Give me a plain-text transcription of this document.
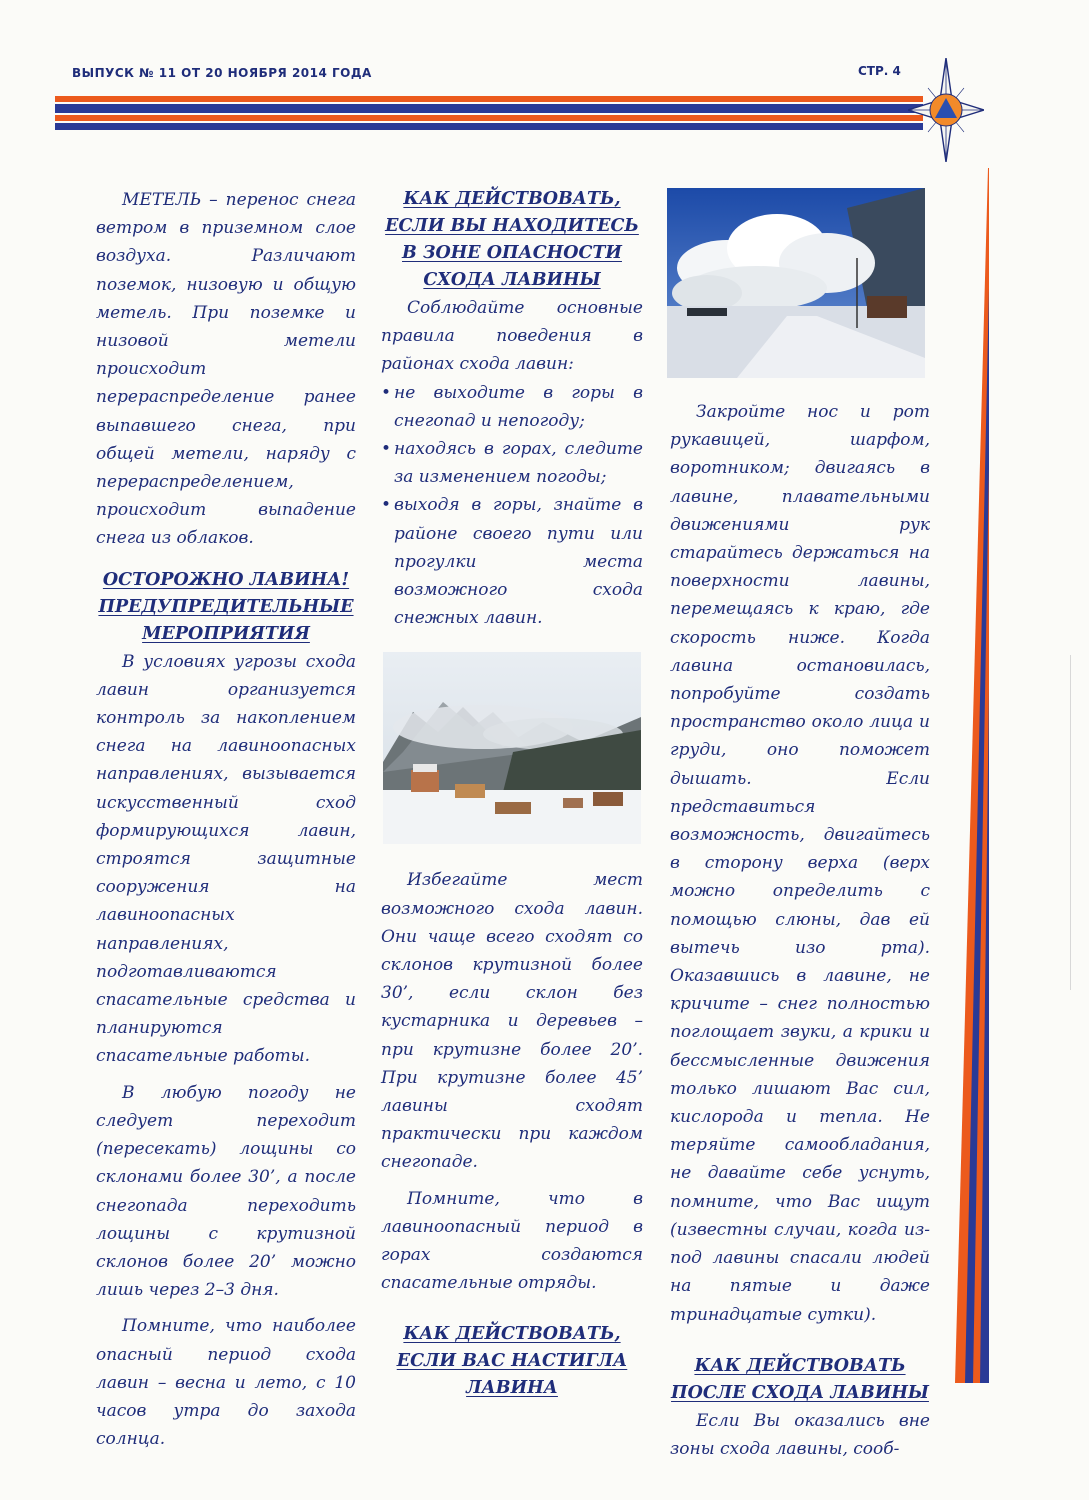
ВЫПУСК № 11 ОТ 20 НОЯБРЯ 2014 ГОДА	СТР. 4

МЕТЕЛЬ – перенос снега ветром в приземном слое воздуха. Различают поземок, низовую и общую метель. При поземке и низовой метели происходит перераспределение ранее выпавшего снега, при общей метели, наряду с перераспределением, происходит выпадение снега из облаков.

ОСТОРОЖНО ЛАВИНА! ПРЕДУПРЕДИТЕЛЬНЫЕ МЕРОПРИЯТИЯ

В условиях угрозы схода лавин организуется контроль за накоплением снега на лавиноопасных направлениях, вызывается искусственный сход формирующихся лавин, строятся защитные сооружения на лавиноопасных направлениях, подготавливаются спасательные средства и планируются спасательные работы.

В любую погоду не следует переходит (пересекать) лощины со склонами более 30’, а после снегопада переходить лощины с крутизной склонов более 20’ можно лишь через 2–3 дня.

Помните, что наиболее опасный период схода лавин – весна и лето, с 10 часов утра до захода солнца.

КАК ДЕЙСТВОВАТЬ, ЕСЛИ ВЫ НАХОДИТЕСЬ В ЗОНЕ ОПАСНОСТИ СХОДА ЛАВИНЫ

Соблюдайте основные правила поведения в районах схода лавин:

• не выходите в горы в снегопад и непогоду;
• находясь в горах, следите за изменением погоды;
• выходя в горы, знайте в районе своего пути или прогулки места возможного схода снежных лавин.

Избегайте мест возможного схода лавин. Они чаще всего сходят со склонов крутизной более 30’, если склон без кустарника и деревьев – при крутизне более 20’. При крутизне более 45’ лавины сходят практически при каждом снегопаде.

Помните, что в лавиноопасный период в горах создаются спасательные отряды.

КАК ДЕЙСТВОВАТЬ, ЕСЛИ ВАС НАСТИГЛА ЛАВИНА

Закройте нос и рот рукавицей, шарфом, воротником; двигаясь в лавине, плавательными движениями рук старайтесь держаться на поверхности лавины, перемещаясь к краю, где скорость ниже. Когда лавина остановилась, попробуйте создать пространство около лица и груди, оно поможет дышать. Если представиться возможность, двигайтесь в сторону верха (верх можно определить с помощью слюны, дав ей вытечь изо рта). Оказавшись в лавине, не кричите – снег полностью поглощает звуки, а крики и бессмысленные движения только лишают Вас сил, кислорода и тепла. Не теряйте самообладания, не давайте себе уснуть, помните, что Вас ищут (известны случаи, когда из-под лавины спасали людей на пятые и даже тринадцатые сутки).

КАК ДЕЙСТВОВАТЬ ПОСЛЕ СХОДА ЛАВИНЫ

Если Вы оказались вне зоны схода лавины, сооб-
